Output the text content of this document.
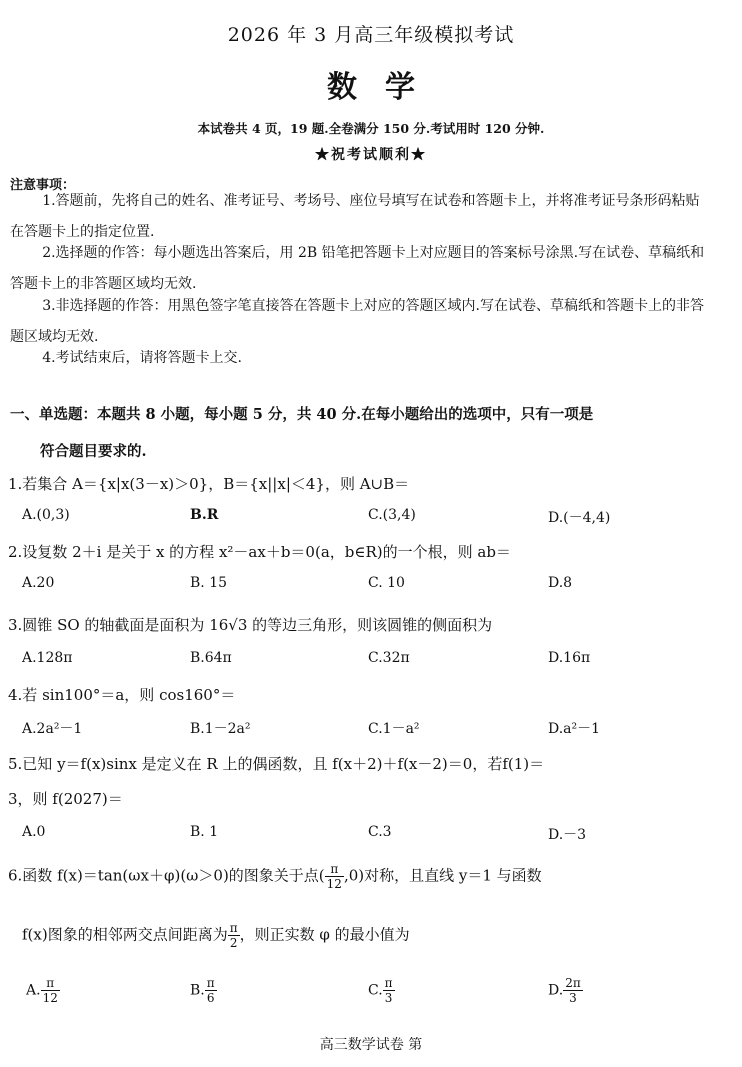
2026 年 3 月高三年级模拟考试
数学
本试卷共 4 页，19 题.全卷满分 150 分.考试用时 120 分钟.
★祝考试顺利★
注意事项：
1.答题前，先将自己的姓名、准考证号、考场号、座位号填写在试卷和答题卡上，并将准考证号条形码粘贴在答题卡上的指定位置.
2.选择题的作答：每小题选出答案后，用 2B 铅笔把答题卡上对应题目的答案标号涂黑.写在试卷、草稿纸和答题卡上的非答题区域均无效.
3.非选择题的作答：用黑色签字笔直接答在答题卡上对应的答题区域内.写在试卷、草稿纸和答题卡上的非答题区域均无效.
4.考试结束后，请将答题卡上交.
一、单选题：本题共 8 小题，每小题 5 分，共 40 分.在每小题给出的选项中，只有一项是
符合题目要求的.
1.若集合 A＝{x|x(3－x)＞0}，B＝{x||x|＜4}，则 A∪B＝
A.(0,3)	B.R	C.(3,4)	D.(－4,4)
2.设复数 2＋i 是关于 x 的方程 x²－ax＋b＝0(a，b∈R)的一个根，则 ab＝
A.20	B. 15	C. 10	D.8
3.圆锥 SO 的轴截面是面积为 16√3 的等边三角形，则该圆锥的侧面积为
A.128π	B.64π	C.32π	D.16π
4.若 sin100°＝a，则 cos160°＝
A.2a²－1	B.1－2a²	C.1－a²	D.a²－1
5.已知 y＝f(x)sinx 是定义在 R 上的偶函数，且 f(x＋2)＋f(x－2)＝0，若f(1)＝
3，则 f(2027)＝
A.0	B. 1	C.3	D.－3
6.函数 f(x)＝tan(ωx＋φ)(ω＞0)的图象关于点( $\frac{\pi}{12} ,0$)对称，且直线 y＝1 与函数
f(x)图象的相邻两交点间距离为 $\frac{\pi}{2}$ ，则正实数 φ 的最小值为
A. $\frac{\pi}{12}$	B. $\frac{\pi}{6}$	C. $\frac{\pi}{3}$	D. $\frac{2\pi}{3}$
高三数学试卷 第
